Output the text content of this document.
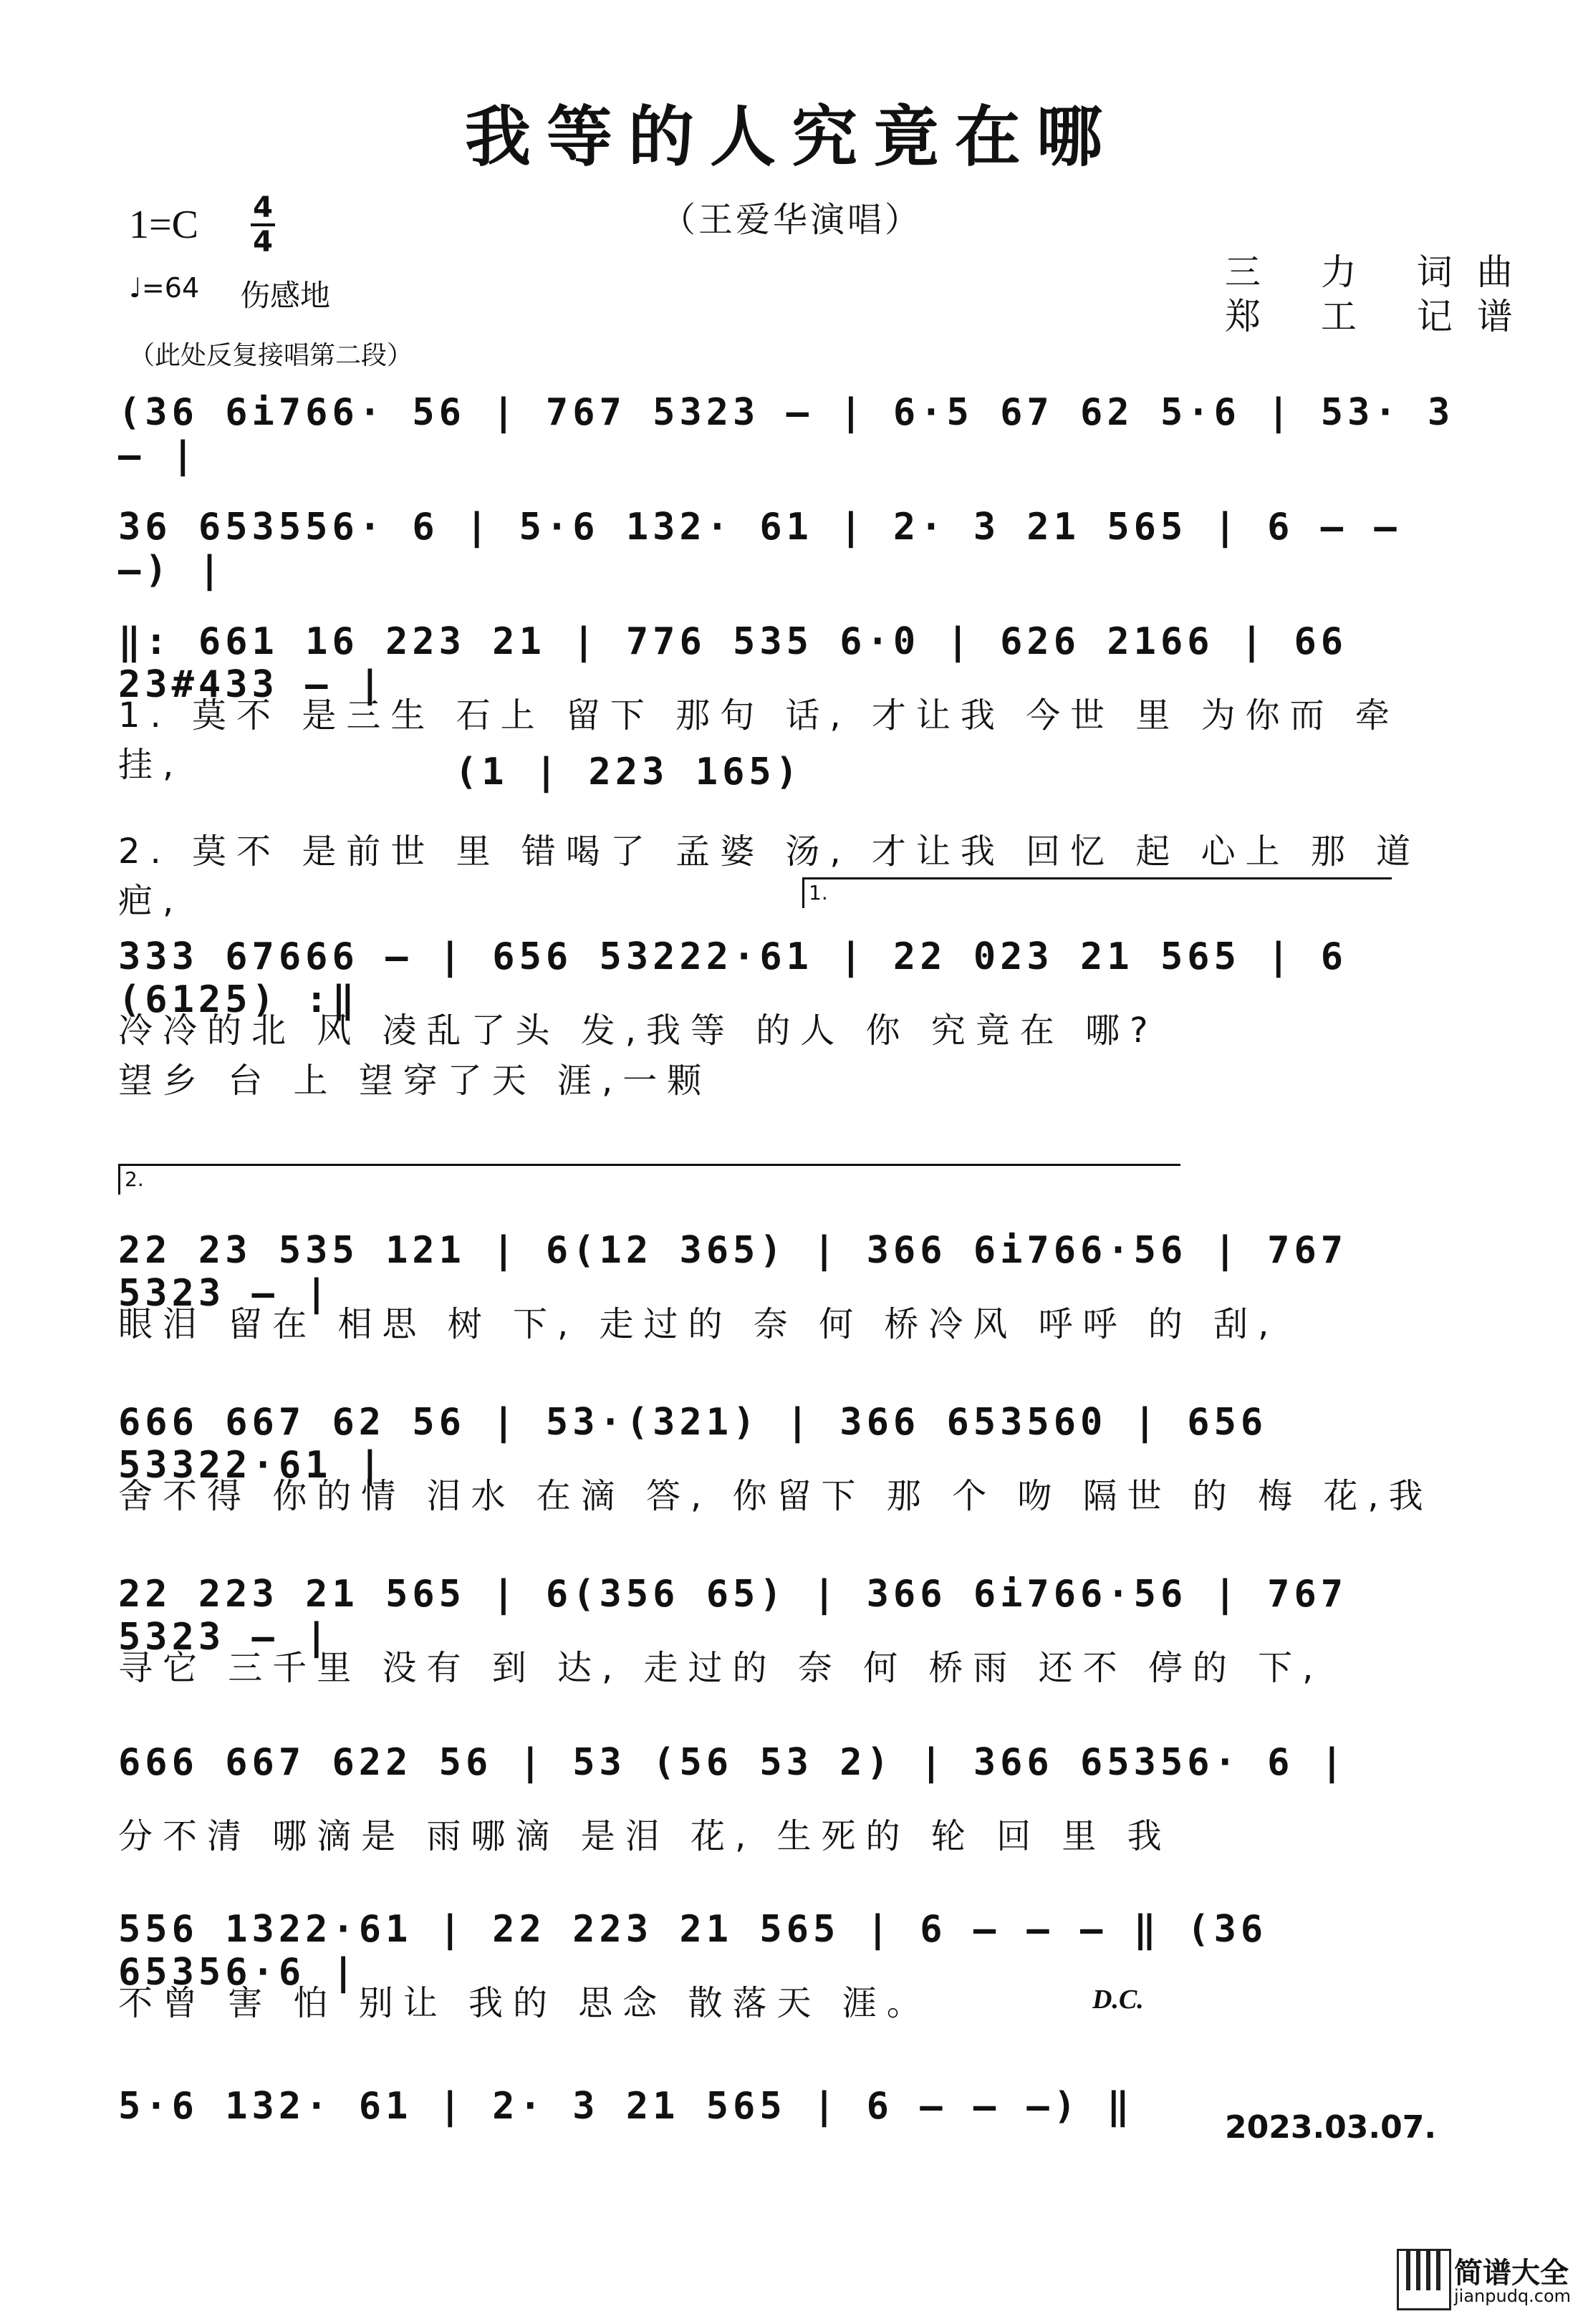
我等的人究竟在哪
（王爱华演唱）
1=C 4
4
♩=64 伤感地
三 力 词曲
郑 工 记谱
（此处反复接唱第二段）
(36 6i766· 56 | 767 5323 – | 6·5 67 62 5·6 | 53· 3 – |
36 653556· 6 | 5·6 132· 61 | 2· 3 21 565 | 6 – – –) |
‖: 661 16 223 21 | 776 535 6·0 | 626 2166 | 66 23#433 – |
1. 莫不 是三生 石上 留下 那句 话, 才让我 今世 里 为你而 牵 挂,	(1 | 223 165)
2. 莫不 是前世 里 错喝了 孟婆 汤, 才让我 回忆 起 心上 那 道 疤,	1.
333 67666 – | 656 53222·61 | 22 023 21 565 | 6 (6125) :‖
冷冷的北 风 凌乱了头 发,我等 的人 你 究竟在 哪?
望乡 台 上 望穿了天 涯,一颗
2.
22 23 535 121 | 6(12 365) | 366 6i766·56 | 767 5323 – |
眼泪 留在 相思 树 下, 走过的 奈 何 桥冷风 呼呼 的 刮,
666 667 62 56 | 53·(321) | 366 653560 | 656 53322·61 |
舍不得 你的情 泪水 在滴 答, 你留下 那 个 吻 隔世 的 梅 花,我
22 223 21 565 | 6(356 65) | 366 6i766·56 | 767 5323 – |
寻它 三千里 没有 到 达, 走过的 奈 何 桥雨 还不 停的 下,
666 667 622 56 | 53 (56 53 2) | 366 65356· 6 |
分不清 哪滴是 雨哪滴 是泪 花, 生死的 轮 回 里 我
556 1322·61 | 22 223 21 565 | 6 – – – ‖ (36 65356·6 |
不曾 害 怕 别让 我的 思念 散落天 涯。	D.C.
5·6 132· 61 | 2· 3 21 565 | 6 – – –) ‖	2023.03.07.
简谱大全
jianpudq.com
